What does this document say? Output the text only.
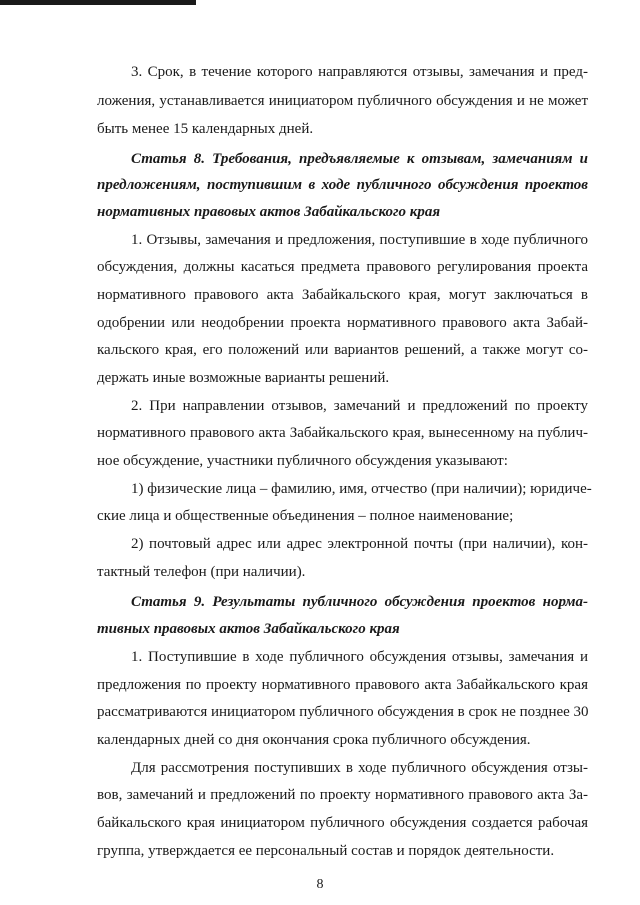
3. Срок, в течение которого направляются отзывы, замечания и пред-
ложения, устанавливается инициатором публичного обсуждения и не может
быть менее 15 календарных дней.
Статья 8. Требования, предъявляемые к отзывам, замечаниям и
предложениям, поступившим в ходе публичного обсуждения проектов
нормативных правовых актов Забайкальского края
1. Отзывы, замечания и предложения, поступившие в ходе публичного
обсуждения, должны касаться предмета правового регулирования проекта
нормативного правового акта Забайкальского края, могут заключаться в
одобрении или неодобрении проекта нормативного правового акта Забай-
кальского края, его положений или вариантов решений, а также могут со-
держать иные возможные варианты решений.
2. При направлении отзывов, замечаний и предложений по проекту
нормативного правового акта Забайкальского края, вынесенному на публич-
ное обсуждение, участники публичного обсуждения указывают:
1) физические лица – фамилию, имя, отчество (при наличии); юридиче-
ские лица и общественные объединения – полное наименование;
2) почтовый адрес или адрес электронной почты (при наличии), кон-
тактный телефон (при наличии).
Статья 9. Результаты публичного обсуждения проектов норма-
тивных правовых актов Забайкальского края
1. Поступившие в ходе публичного обсуждения отзывы, замечания и
предложения по проекту нормативного правового акта Забайкальского края
рассматриваются инициатором публичного обсуждения в срок не позднее 30
календарных дней со дня окончания срока публичного обсуждения.
Для рассмотрения поступивших в ходе публичного обсуждения отзы-
вов, замечаний и предложений по проекту нормативного правового акта За-
байкальского края инициатором публичного обсуждения создается рабочая
группа, утверждается ее персональный состав и порядок деятельности.
8
